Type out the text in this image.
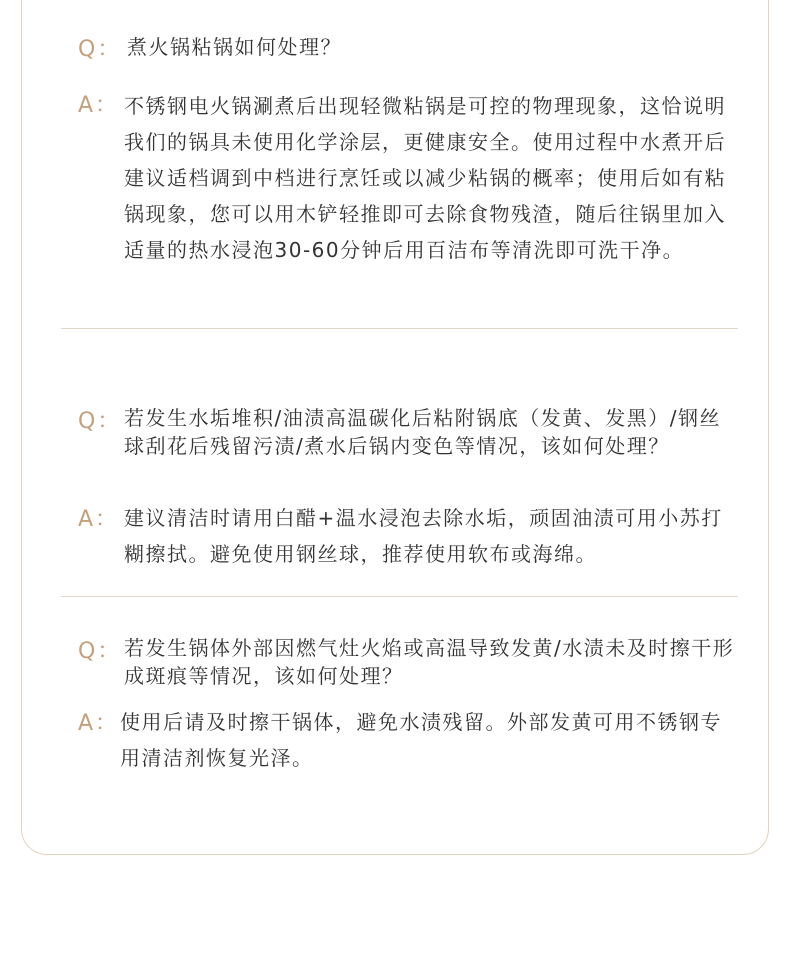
Q： 煮火锅粘锅如何处理？
A： 不锈钢电火锅涮煮后出现轻微粘锅是可控的物理现象，这恰说明我们的锅具未使用化学涂层，更健康安全。使用过程中水煮开后建议适档调到中档进行烹饪或以减少粘锅的概率；使用后如有粘锅现象，您可以用木铲轻推即可去除食物残渣，随后往锅里加入适量的热水浸泡30-60分钟后用百洁布等清洗即可洗干净。
Q： 若发生水垢堆积/油渍高温碳化后粘附锅底（发黄、发黑）/钢丝球刮花后残留污渍/煮水后锅内变色等情况，该如何处理？
A： 建议清洁时请用白醋+温水浸泡去除水垢，顽固油渍可用小苏打糊擦拭。避免使用钢丝球，推荐使用软布或海绵。
Q： 若发生锅体外部因燃气灶火焰或高温导致发黄/水渍未及时擦干形成斑痕等情况，该如何处理？
A： 使用后请及时擦干锅体，避免水渍残留。外部发黄可用不锈钢专用清洁剂恢复光泽。
